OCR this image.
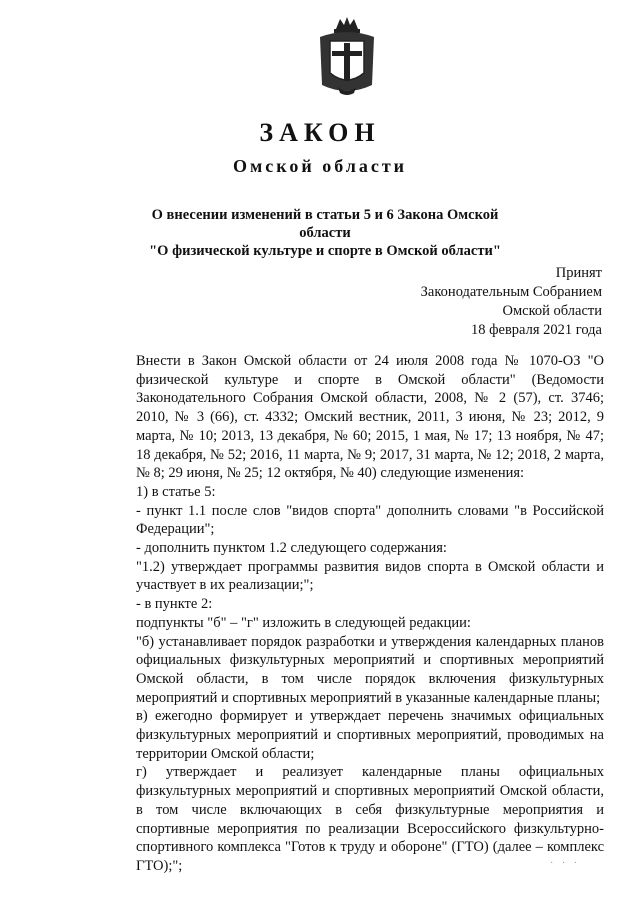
ЗАКОН
Омской области
О внесении изменений в статьи 5 и 6 Закона Омской области
"О физической культуре и спорте в Омской области"
Принят
Законодательным Собранием
Омской области
18 февраля 2021 года

Внести в Закон Омской области от 24 июля 2008 года № 1070-ОЗ "О физической культуре и спорте в Омской области" (Ведомости Законодательного Собрания Омской области, 2008, № 2 (57), ст. 3746; 2010, № 3 (66), ст. 4332; Омский вестник, 2011, 3 июня, № 23; 2012, 9 марта, № 10; 2013, 13 декабря, № 60; 2015, 1 мая, № 17; 13 ноября, № 47; 18 декабря, № 52; 2016, 11 марта, № 9; 2017, 31 марта, № 12; 2018, 2 марта, № 8; 29 июня, № 25; 12 октября, № 40) следующие изменения:

1) в статье 5:

- пункт 1.1 после слов "видов спорта" дополнить словами "в Российской Федерации";

- дополнить пунктом 1.2 следующего содержания:

"1.2) утверждает программы развития видов спорта в Омской области и участвует в их реализации;";

- в пункте 2:

подпункты "б" – "г" изложить в следующей редакции:

"б) устанавливает порядок разработки и утверждения календарных планов официальных физкультурных мероприятий и спортивных мероприятий Омской области, в том числе порядок включения физкультурных мероприятий и спортивных мероприятий в указанные календарные планы;

в) ежегодно формирует и утверждает перечень значимых официальных физкультурных мероприятий и спортивных мероприятий, проводимых на территории Омской области;

г) утверждает и реализует календарные планы официальных физкультурных мероприятий и спортивных мероприятий Омской области, в том числе включающих в себя физкультурные мероприятия и спортивные мероприятия по реализации Всероссийского физкультурно-спортивного комплекса "Готов к труду и обороне" (ГТО) (далее – комплекс ГТО);";	· · ·
